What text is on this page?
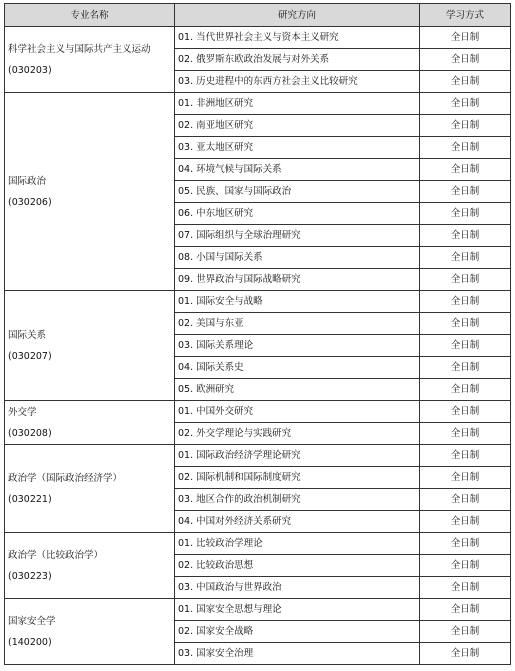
专业名称	研究方向	学习方式

科学社会主义与国际共产主义运动
(030203)	01. 当代世界社会主义与资本主义研究	全日制
	02. 俄罗斯东欧政治发展与对外关系	全日制
	03. 历史进程中的东西方社会主义比较研究	全日制

国际政治
(030206)	01. 非洲地区研究	全日制
	02. 南亚地区研究	全日制
	03. 亚太地区研究	全日制
	04. 环境气候与国际关系	全日制
	05. 民族、国家与国际政治	全日制
	06. 中东地区研究	全日制
	07. 国际组织与全球治理研究	全日制
	08. 小国与国际关系	全日制
	09. 世界政治与国际战略研究	全日制

国际关系
(030207)	01. 国际安全与战略	全日制
	02. 美国与东亚	全日制
	03. 国际关系理论	全日制
	04. 国际关系史	全日制
	05. 欧洲研究	全日制

外交学
(030208)	01. 中国外交研究	全日制
	02. 外交学理论与实践研究	全日制

政治学（国际政治经济学）
(030221)	01. 国际政治经济学理论研究	全日制
	02. 国际机制和国际制度研究	全日制
	03. 地区合作的政治机制研究	全日制
	04. 中国对外经济关系研究	全日制

政治学（比较政治学）
(030223)	01. 比较政治学理论	全日制
	02. 比较政治思想	全日制
	03. 中国政治与世界政治	全日制

国家安全学
(140200)	01. 国家安全思想与理论	全日制
	02. 国家安全战略	全日制
	03. 国家安全治理	全日制
